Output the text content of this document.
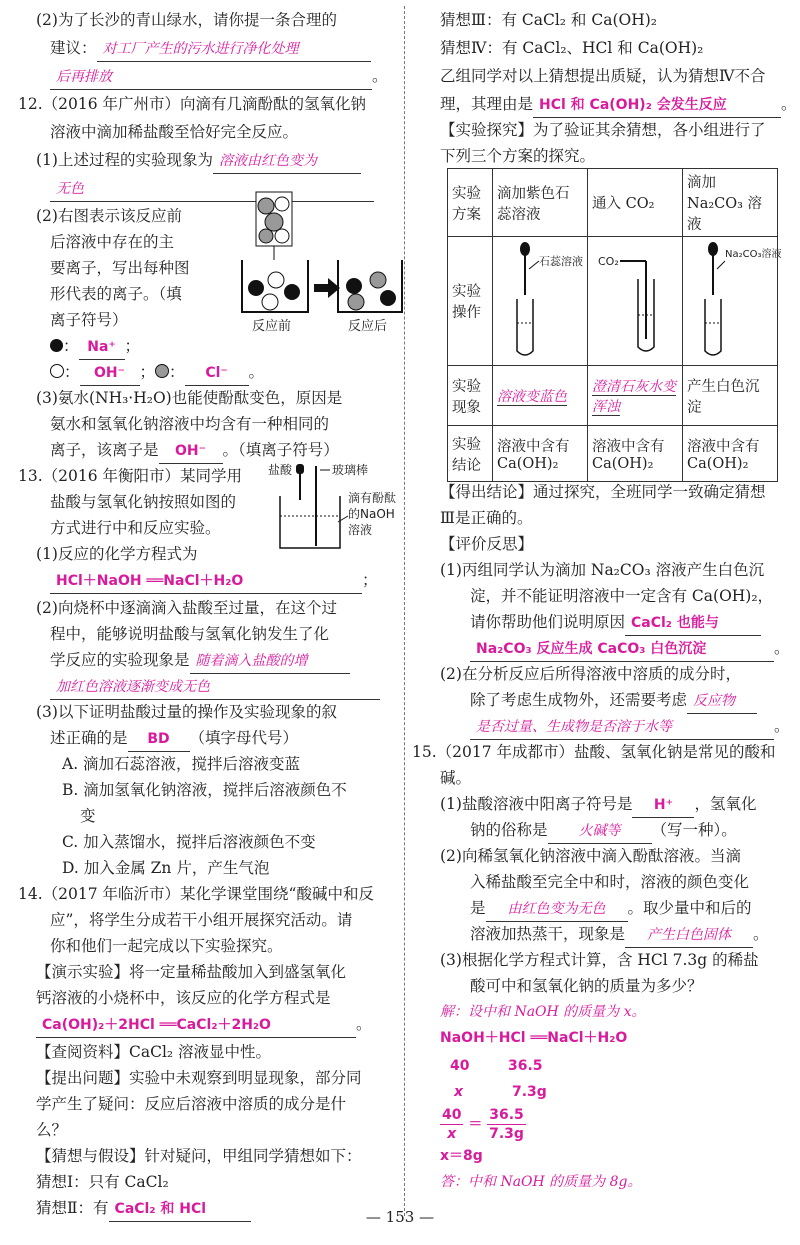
(2)为了长沙的青山绿水，请你提一条合理的
建议： 对工厂产生的污水进行净化处理
后再排放	。
12.（2016 年广州市）向滴有几滴酚酞的氢氧化钠
溶液中滴加稀盐酸至恰好完全反应。
(1)上述过程的实验现象为 溶液由红色变为
无色
(2)右图表示该反应前
后溶液中存在的主
要离子，写出每种图
形代表的离子。（填
离子符号）
： Na⁺ ；
： OH⁻ ； ： Cl⁻ 。
(3)氨水(NH₃·H₂O)也能使酚酞变色，原因是
氨水和氢氧化钠溶液中均含有一种相同的
离子，该离子是 OH⁻ 。（填离子符号）
反应前	反应后
13.（2016 年衡阳市）某同学用
盐酸与氢氧化钠按照如图的
方式进行中和反应实验。
盐酸	玻璃棒
滴有酚酞
的NaOH
溶液
(1)反应的化学方程式为
HCl＋NaOH ══NaCl＋H₂O	；
(2)向烧杯中逐滴滴入盐酸至过量，在这个过
程中，能够说明盐酸与氢氧化钠发生了化
学反应的实验现象是 随着滴入盐酸的增
加红色溶液逐渐变成无色
(3)以下证明盐酸过量的操作及实验现象的叙
述正确的是 BD （填字母代号）
A. 滴加石蕊溶液，搅拌后溶液变蓝
B. 滴加氢氧化钠溶液，搅拌后溶液颜色不
变
C. 加入蒸馏水，搅拌后溶液颜色不变
D. 加入金属 Zn 片，产生气泡
14.（2017 年临沂市）某化学课堂围绕“酸碱中和反
应”，将学生分成若干小组开展探究活动。请
你和他们一起完成以下实验探究。
【演示实验】将一定量稀盐酸加入到盛氢氧化
钙溶液的小烧杯中，该反应的化学方程式是
Ca(OH)₂＋2HCl ══CaCl₂＋2H₂O	。
【查阅资料】CaCl₂ 溶液显中性。
【提出问题】实验中未观察到明显现象，部分同
学产生了疑问：反应后溶液中溶质的成分是什
么？
【猜想与假设】针对疑问，甲组同学猜想如下：
猜想Ⅰ：只有 CaCl₂
猜想Ⅱ：有 CaCl₂ 和 HCl
猜想Ⅲ：有 CaCl₂ 和 Ca(OH)₂
猜想Ⅳ：有 CaCl₂、HCl 和 Ca(OH)₂
乙组同学对以上猜想提出质疑，认为猜想Ⅳ不合
理，其理由是 HCl 和 Ca(OH)₂ 会发生反应	。
【实验探究】为了验证其余猜想，各小组进行了
下列三个方案的探究。
实验方案	滴加紫色石蕊溶液	通入 CO₂	滴加 Na₂CO₃ 溶液
实验操作	石蕊溶液	CO₂	Na₂CO₃溶液

实验现象	溶液变蓝色	澄清石灰水变浑浊	产生白色沉淀
实验结论	溶液中含有 Ca(OH)₂	溶液中含有 Ca(OH)₂	溶液中含有 Ca(OH)₂
【得出结论】通过探究，全班同学一致确定猜想
Ⅲ是正确的。
【评价反思】
(1)丙组同学认为滴加 Na₂CO₃ 溶液产生白色沉
淀，并不能证明溶液中一定含有 Ca(OH)₂，
请你帮助他们说明原因 CaCl₂ 也能与
Na₂CO₃ 反应生成 CaCO₃ 白色沉淀	。
(2)在分析反应后所得溶液中溶质的成分时，
除了考虑生成物外，还需要考虑 反应物
是否过量、生成物是否溶于水等	。
15.（2017 年成都市）盐酸、氢氧化钠是常见的酸和
碱。
(1)盐酸溶液中阳离子符号是 H⁺ ，氢氧化
钠的俗称是 火碱等 （写一种）。
(2)向稀氢氧化钠溶液中滴入酚酞溶液。当滴
入稀盐酸至完全中和时，溶液的颜色变化
是 由红色变为无色 。取少量中和后的
溶液加热蒸干，现象是 产生白色固体 。
(3)根据化学方程式计算，含 HCl 7.3g 的稀盐
酸可中和氢氧化钠的质量为多少？
解：设中和 NaOH 的质量为 x。
NaOH＋HCl ══NaCl＋H₂O
40	36.5
x	7.3g
$\frac{40}{x} = \frac{36.5}{7.3g}$
x＝8g
答：中和 NaOH 的质量为 8g。
— 153 —
